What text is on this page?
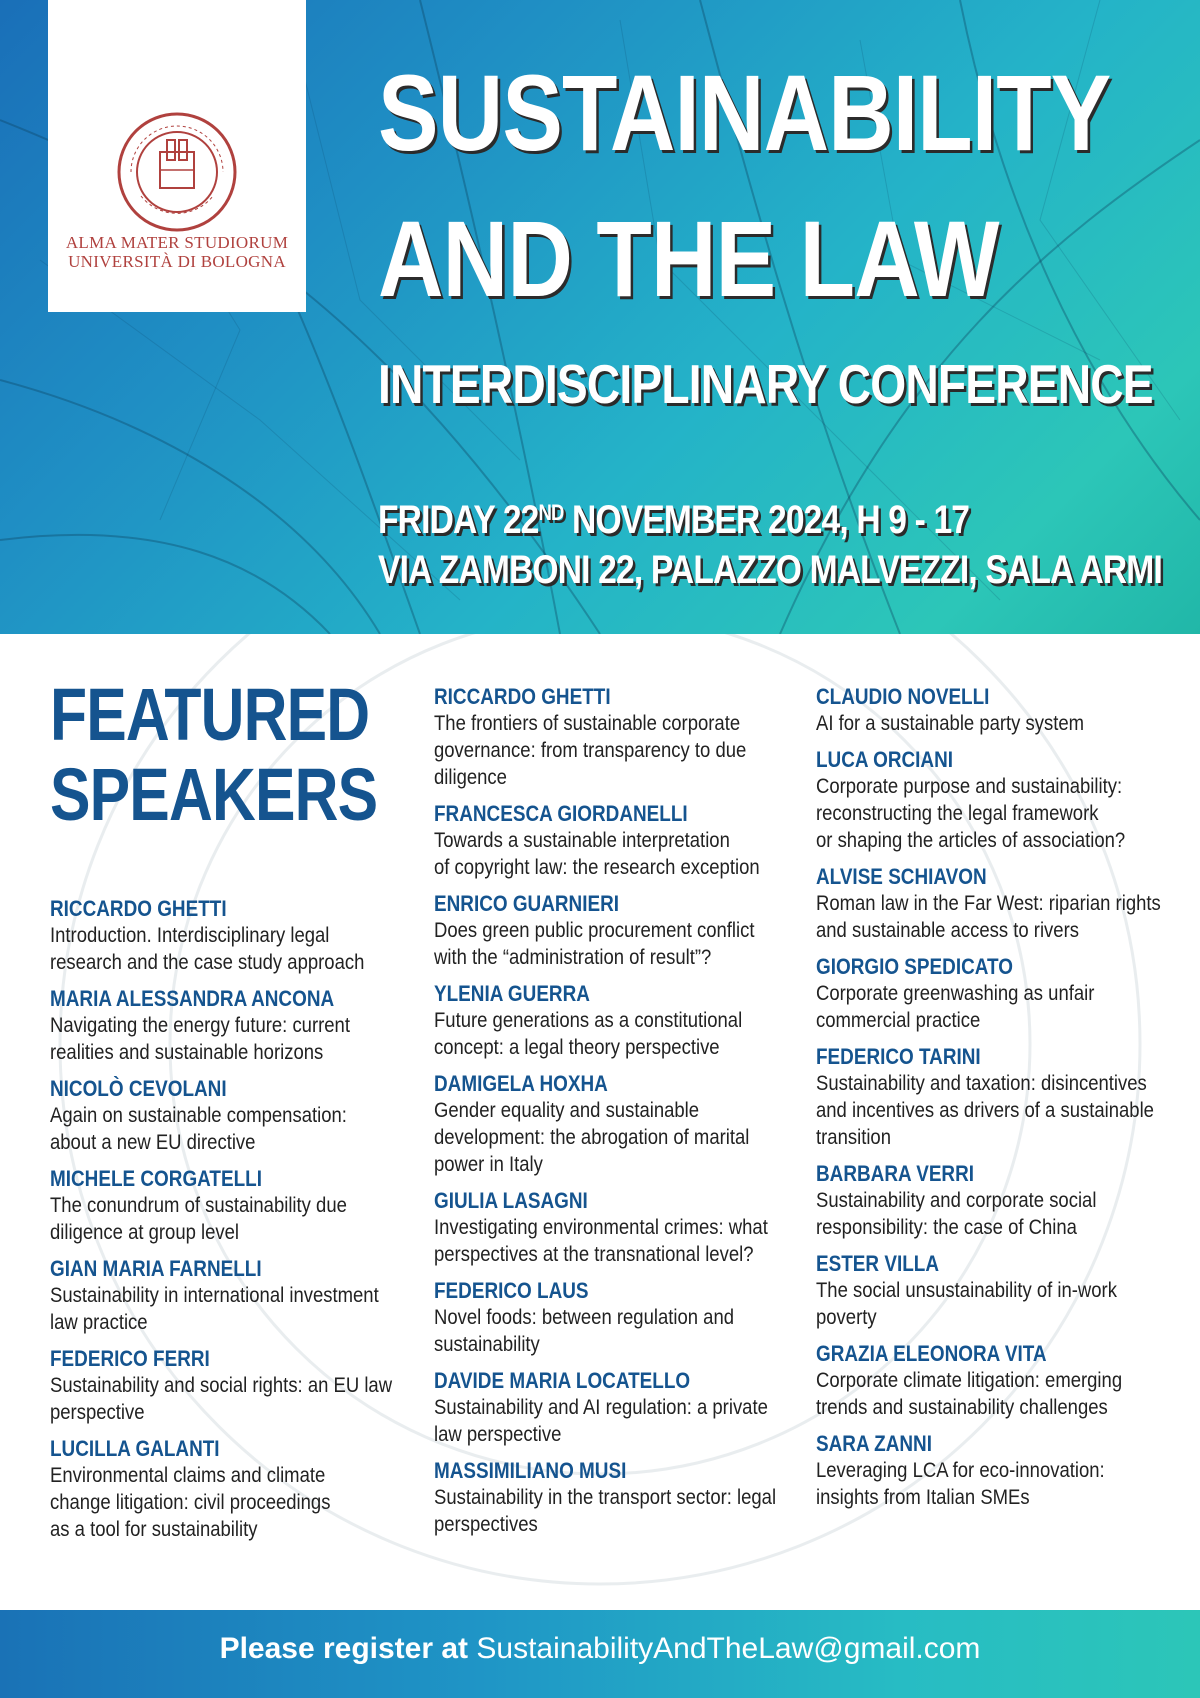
ALMA MATER STUDIORUM
UNIVERSITÀ DI BOLOGNA
SUSTAINABILITY
AND THE LAW
INTERDISCIPLINARY CONFERENCE
FRIDAY 22ND NOVEMBER 2024, H 9 - 17
VIA ZAMBONI 22, PALAZZO MALVEZZI, SALA ARMI
FEATURED
SPEAKERS
RICCARDO GHETTI
Introduction. Interdisciplinary legal
research and the case study approach
MARIA ALESSANDRA ANCONA
Navigating the energy future: current
realities and sustainable horizons
NICOLÒ CEVOLANI
Again on sustainable compensation:
about a new EU directive
MICHELE CORGATELLI
The conundrum of sustainability due
diligence at group level
GIAN MARIA FARNELLI
Sustainability in international investment
law practice
FEDERICO FERRI
Sustainability and social rights: an EU law
perspective
LUCILLA GALANTI
Environmental claims and climate
change litigation: civil proceedings
as a tool for sustainability
RICCARDO GHETTI
The frontiers of sustainable corporate
governance: from transparency to due
diligence
FRANCESCA GIORDANELLI
Towards a sustainable interpretation
of copyright law: the research exception
ENRICO GUARNIERI
Does green public procurement conflict
with the “administration of result”?
YLENIA GUERRA
Future generations as a constitutional
concept: a legal theory perspective
DAMIGELA HOXHA
Gender equality and sustainable
development: the abrogation of marital
power in Italy
GIULIA LASAGNI
Investigating environmental crimes: what
perspectives at the transnational level?
FEDERICO LAUS
Novel foods: between regulation and
sustainability
DAVIDE MARIA LOCATELLO
Sustainability and AI regulation: a private
law perspective
MASSIMILIANO MUSI
Sustainability in the transport sector: legal
perspectives
CLAUDIO NOVELLI
AI for a sustainable party system
LUCA ORCIANI
Corporate purpose and sustainability:
reconstructing the legal framework
or shaping the articles of association?
ALVISE SCHIAVON
Roman law in the Far West: riparian rights
and sustainable access to rivers
GIORGIO SPEDICATO
Corporate greenwashing as unfair
commercial practice
FEDERICO TARINI
Sustainability and taxation: disincentives
and incentives as drivers of a sustainable
transition
BARBARA VERRI
Sustainability and corporate social
responsibility: the case of China
ESTER VILLA
The social unsustainability of in-work
poverty
GRAZIA ELEONORA VITA
Corporate climate litigation: emerging
trends and sustainability challenges
SARA ZANNI
Leveraging LCA for eco-innovation:
insights from Italian SMEs
Please register at SustainabilityAndTheLaw@gmail.com
